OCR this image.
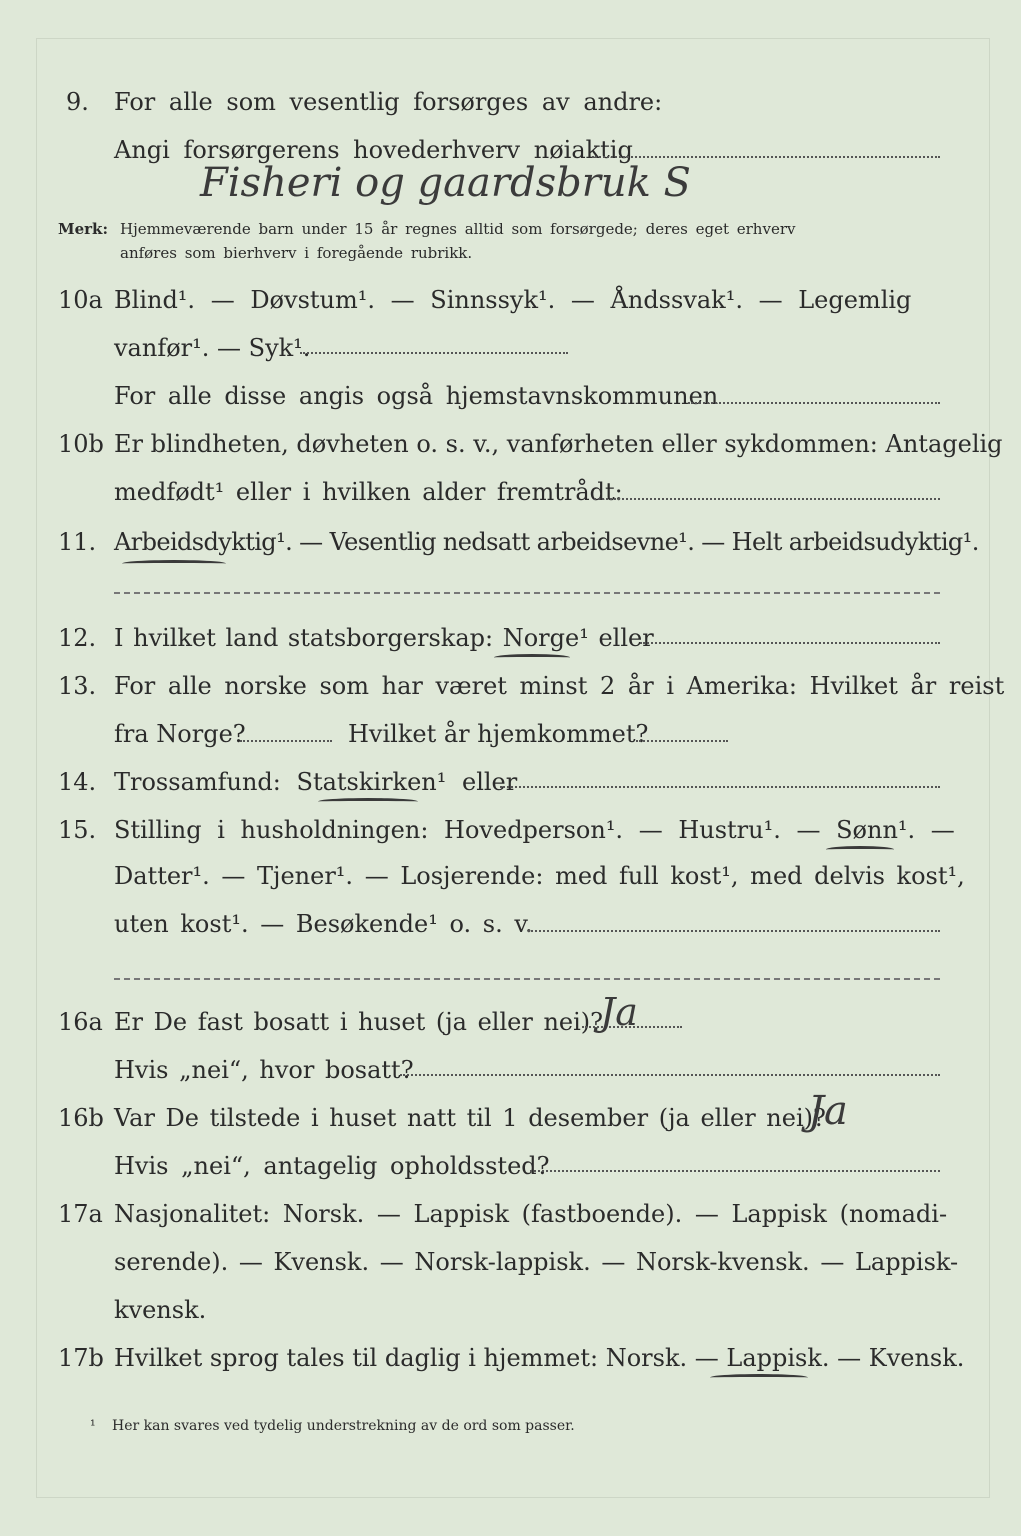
9. For alle som vesentlig forsørges av andre:
Angi forsørgerens hovederhverv nøiaktig
Fisheri og gaardsbruk S
Merk: Hjemmeværende barn under 15 år regnes alltid som forsørgede; deres eget erhverv
anføres som bierhverv i foregående rubrikk.
10a Blind¹. — Døvstum¹. — Sinnssyk¹. — Åndssvak¹. — Legemlig
vanfør¹. — Syk¹.
For alle disse angis også hjemstavnskommunen
10b Er blindheten, døvheten o. s. v., vanførheten eller sykdommen: Antagelig
medfødt¹ eller i hvilken alder fremtrådt:
11. Arbeidsdyktig¹. — Vesentlig nedsatt arbeidsevne¹. — Helt arbeidsudyktig¹.
12. I hvilket land statsborgerskap: Norge¹ eller
13. For alle norske som har været minst 2 år i Amerika: Hvilket år reist
fra Norge?	Hvilket år hjemkommet?
14. Trossamfund: Statskirken¹ eller
15. Stilling i husholdningen: Hovedperson¹. — Hustru¹. — Sønn¹. —
Datter¹. — Tjener¹. — Losjerende: med full kost¹, med delvis kost¹,
uten kost¹. — Besøkende¹ o. s. v.
16a Er De fast bosatt i huset (ja eller nei)?
Ja
Hvis „nei“, hvor bosatt?
16b Var De tilstede i huset natt til 1 desember (ja eller nei)?
Ja
Hvis „nei“, antagelig opholdssted?
17a Nasjonalitet: Norsk. — Lappisk (fastboende). — Lappisk (nomadi-
serende). — Kvensk. — Norsk-lappisk. — Norsk-kvensk. — Lappisk-
kvensk.
17b Hvilket sprog tales til daglig i hjemmet: Norsk. — Lappisk. — Kvensk.
¹ Her kan svares ved tydelig understrekning av de ord som passer.
